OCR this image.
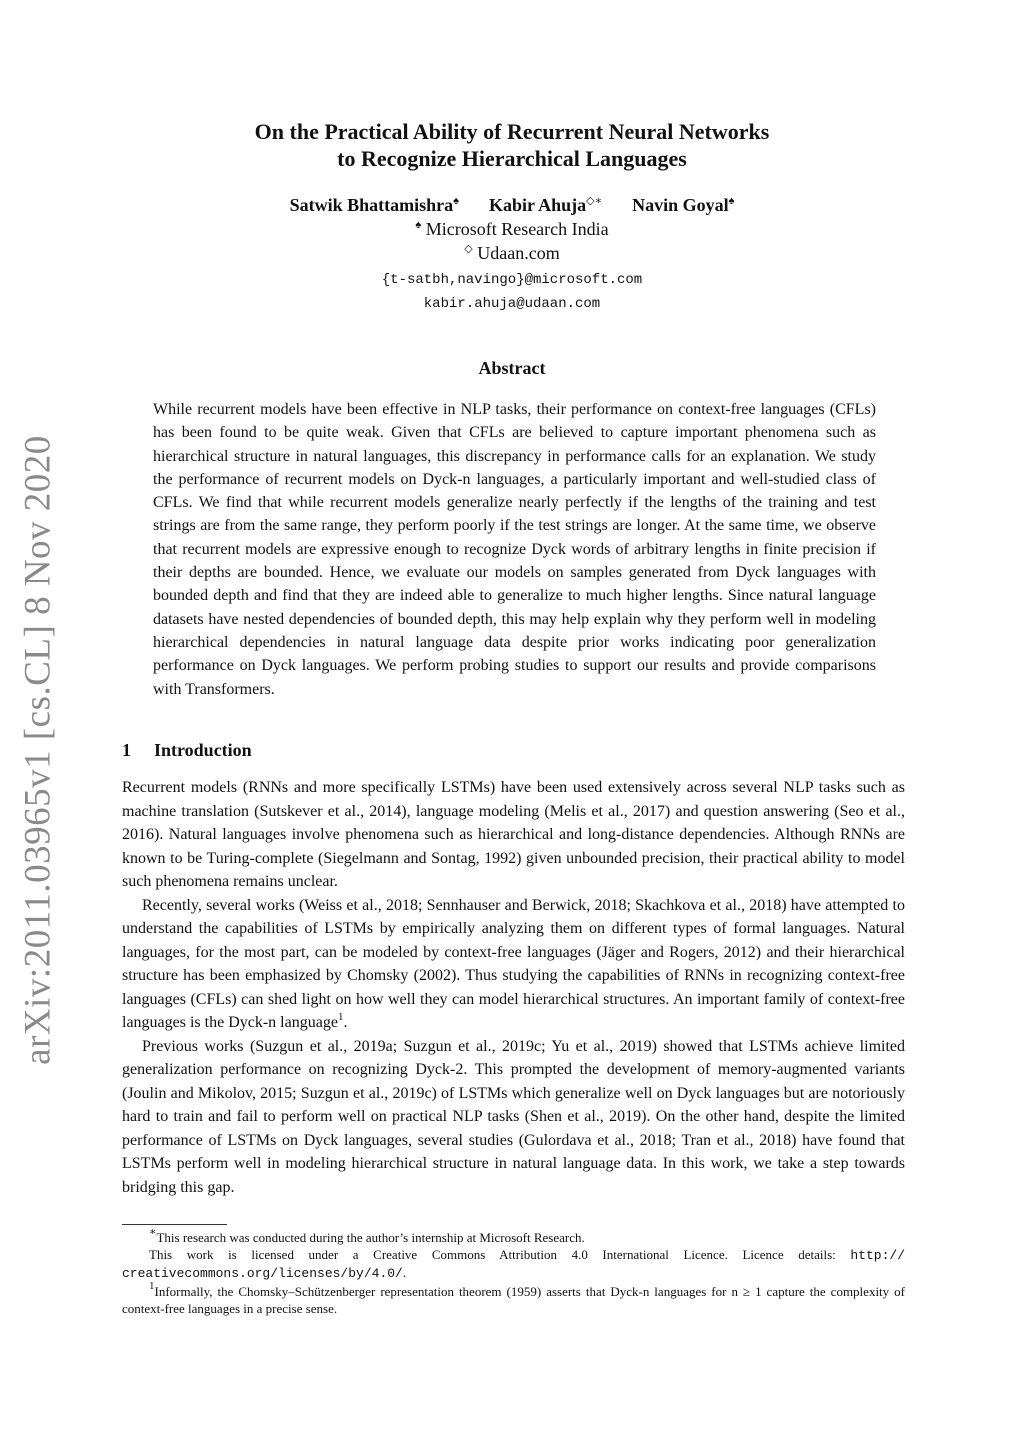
arXiv:2011.03965v1 [cs.CL] 8 Nov 2020
On the Practical Ability of Recurrent Neural Networks
to Recognize Hierarchical Languages
Satwik Bhattamishra♠ Kabir Ahuja◇∗ Navin Goyal♠
♠ Microsoft Research India
◇ Udaan.com
{t-satbh,navingo}@microsoft.com
kabir.ahuja@udaan.com
Abstract
While recurrent models have been effective in NLP tasks, their performance on context-free languages (CFLs) has been found to be quite weak. Given that CFLs are believed to capture important phenomena such as hierarchical structure in natural languages, this discrepancy in performance calls for an explanation. We study the performance of recurrent models on Dyck-n languages, a particularly important and well-studied class of CFLs. We find that while recurrent models generalize nearly perfectly if the lengths of the training and test strings are from the same range, they perform poorly if the test strings are longer. At the same time, we observe that recurrent models are expressive enough to recognize Dyck words of arbitrary lengths in finite precision if their depths are bounded. Hence, we evaluate our models on samples generated from Dyck languages with bounded depth and find that they are indeed able to generalize to much higher lengths. Since natural language datasets have nested dependencies of bounded depth, this may help explain why they perform well in modeling hierarchical dependencies in natural language data despite prior works indicating poor generalization performance on Dyck languages. We perform probing studies to support our results and provide comparisons with Transformers.
1 Introduction

Recurrent models (RNNs and more specifically LSTMs) have been used extensively across several NLP tasks such as machine translation (Sutskever et al., 2014), language modeling (Melis et al., 2017) and question answering (Seo et al., 2016). Natural languages involve phenomena such as hierarchical and long-distance dependencies. Although RNNs are known to be Turing-complete (Siegelmann and Sontag, 1992) given unbounded precision, their practical ability to model such phenomena remains unclear.

Recently, several works (Weiss et al., 2018; Sennhauser and Berwick, 2018; Skachkova et al., 2018) have attempted to understand the capabilities of LSTMs by empirically analyzing them on different types of formal languages. Natural languages, for the most part, can be modeled by context-free languages (Jäger and Rogers, 2012) and their hierarchical structure has been emphasized by Chomsky (2002). Thus studying the capabilities of RNNs in recognizing context-free languages (CFLs) can shed light on how well they can model hierarchical structures. An important family of context-free languages is the Dyck-n language$^1$.

Previous works (Suzgun et al., 2019a; Suzgun et al., 2019c; Yu et al., 2019) showed that LSTMs achieve limited generalization performance on recognizing Dyck-2. This prompted the development of memory-augmented variants (Joulin and Mikolov, 2015; Suzgun et al., 2019c) of LSTMs which generalize well on Dyck languages but are notoriously hard to train and fail to perform well on practical NLP tasks (Shen et al., 2019). On the other hand, despite the limited performance of LSTMs on Dyck languages, several studies (Gulordava et al., 2018; Tran et al., 2018) have found that LSTMs perform well in modeling hierarchical structure in natural language data. In this work, we take a step towards bridging this gap.

∗This research was conducted during the author’s internship at Microsoft Research.
This work is licensed under a Creative Commons Attribution 4.0 International Licence. Licence details: http:// creativecommons.org/licenses/by/4.0/.
$^1$Informally, the Chomsky–Schützenberger representation theorem (1959) asserts that Dyck-n languages for n ≥ 1 capture the complexity of context-free languages in a precise sense.
